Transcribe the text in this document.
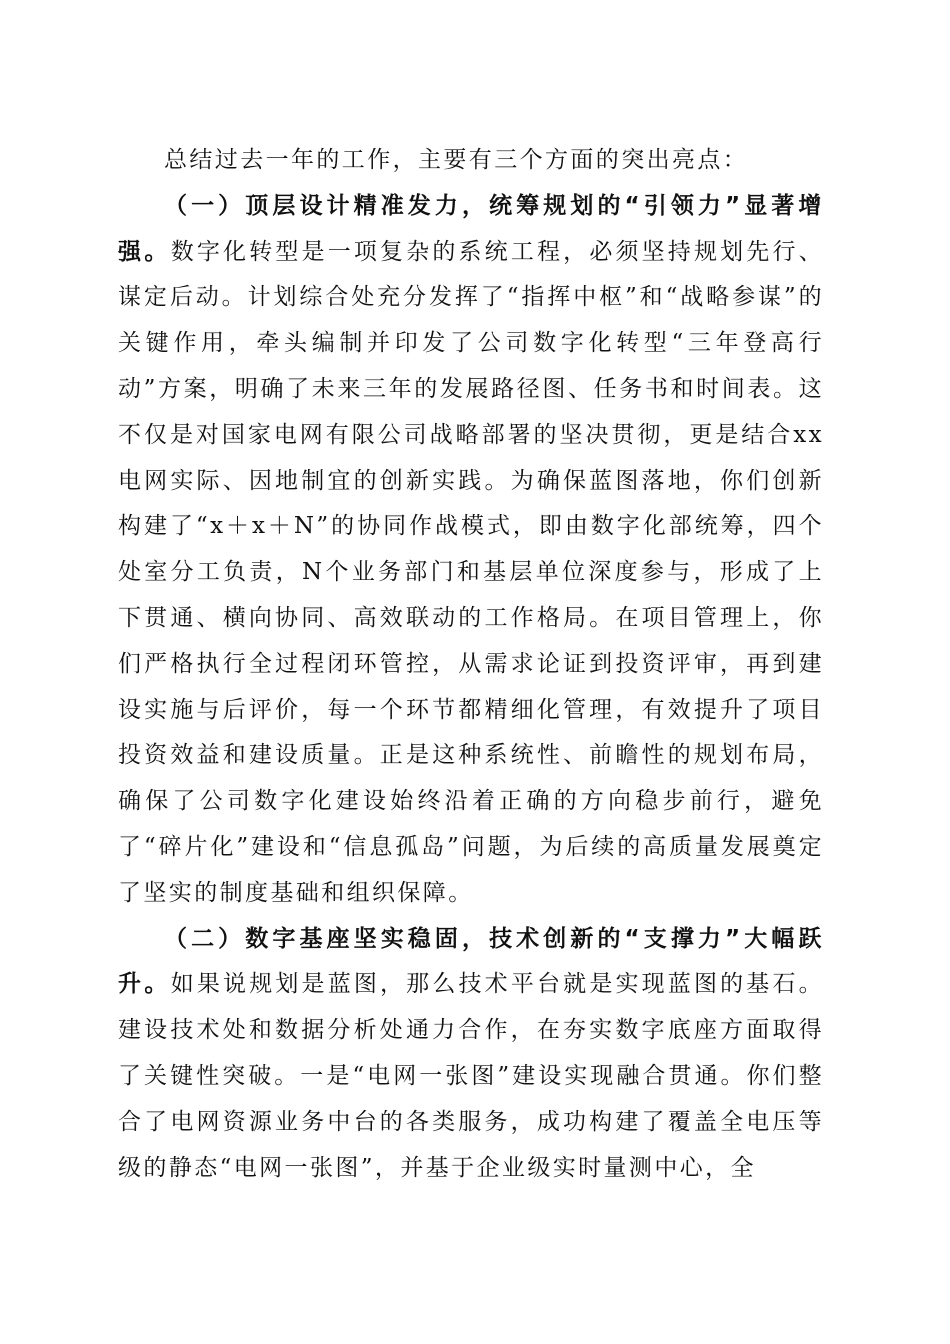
总结过去一年的工作，主要有三个方面的突出亮点：

（一）顶层设计精准发力，统筹规划的“引领力”显著增强。数字化转型是一项复杂的系统工程，必须坚持规划先行、谋定后动。计划综合处充分发挥了“指挥中枢”和“战略参谋”的关键作用，牵头编制并印发了公司数字化转型“三年登高行动”方案，明确了未来三年的发展路径图、任务书和时间表。这不仅是对国家电网有限公司战略部署的坚决贯彻，更是结合xx电网实际、因地制宜的创新实践。为确保蓝图落地，你们创新构建了“x＋x＋N”的协同作战模式，即由数字化部统筹，四个处室分工负责，N个业务部门和基层单位深度参与，形成了上下贯通、横向协同、高效联动的工作格局。在项目管理上，你们严格执行全过程闭环管控，从需求论证到投资评审，再到建设实施与后评价，每一个环节都精细化管理，有效提升了项目投资效益和建设质量。正是这种系统性、前瞻性的规划布局，确保了公司数字化建设始终沿着正确的方向稳步前行，避免了“碎片化”建设和“信息孤岛”问题，为后续的高质量发展奠定了坚实的制度基础和组织保障。

（二）数字基座坚实稳固，技术创新的“支撑力”大幅跃升。如果说规划是蓝图，那么技术平台就是实现蓝图的基石。建设技术处和数据分析处通力合作，在夯实数字底座方面取得了关键性突破。一是“电网一张图”建设实现融合贯通。你们整合了电网资源业务中台的各类服务，成功构建了覆盖全电压等级的静态“电网一张图”，并基于企业级实时量测中心，全
